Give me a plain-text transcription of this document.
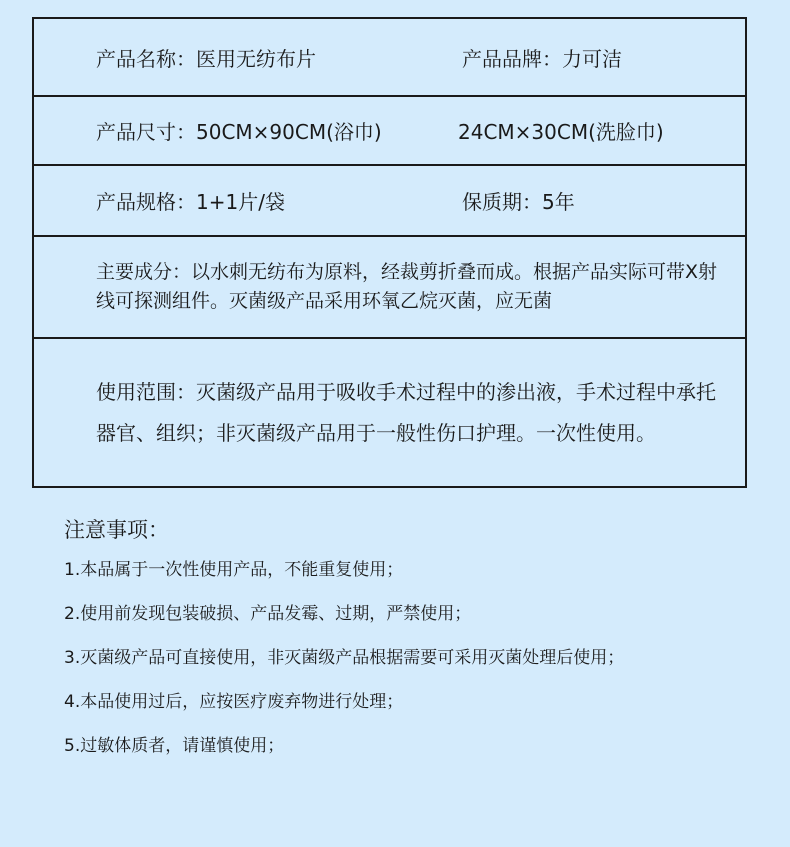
产品名称：医用无纺布片	产品品牌：力可洁
产品尺寸：50CM×90CM(浴巾)	24CM×30CM(洗脸巾)
产品规格：1+1片/袋	保质期：5年
主要成分：以水刺无纺布为原料，经裁剪折叠而成。根据产品实际可带X射线可探测组件。灭菌级产品采用环氧乙烷灭菌，应无菌
使用范围：灭菌级产品用于吸收手术过程中的渗出液，手术过程中承托器官、组织；非灭菌级产品用于一般性伤口护理。一次性使用。
注意事项：
1.本品属于一次性使用产品，不能重复使用；
2.使用前发现包装破损、产品发霉、过期，严禁使用；
3.灭菌级产品可直接使用，非灭菌级产品根据需要可采用灭菌处理后使用；
4.本品使用过后，应按医疗废弃物进行处理；
5.过敏体质者，请谨慎使用；
